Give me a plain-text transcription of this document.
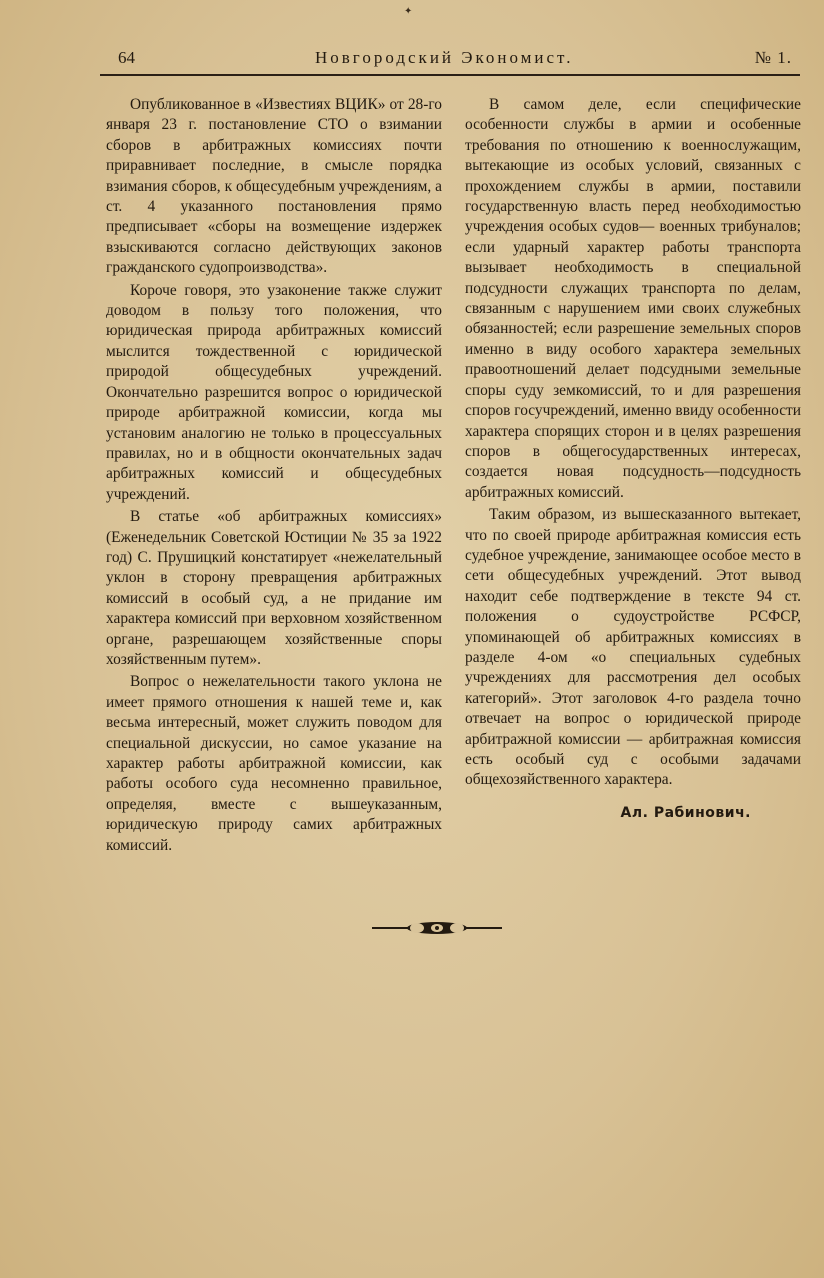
✦
64	Новгородский Экономист.	№ 1.

Опубликованное в «Известиях ВЦИК» от 28-го января 23 г. постановление СТО о взимании сборов в арбитражных комиссиях почти приравнивает последние, в смысле порядка взимания сборов, к общесудебным учреждениям, а ст. 4 указанного постановления прямо предписывает «сборы на возмещение издержек взыскиваются согласно действующих законов гражданского судопроизводства».

Короче говоря, это узаконение также служит доводом в пользу того положения, что юридическая природа арбитражных комиссий мыслится тождественной с юридической природой общесудебных учреждений. Окончательно разрешится вопрос о юридической природе арбитражной комиссии, когда мы установим аналогию не только в процессуальных правилах, но и в общности окончательных задач арбитражных комиссий и общесудебных учреждений.

В статье «об арбитражных комиссиях» (Еженедельник Советской Юстиции № 35 за 1922 год) С. Прушицкий констатирует «нежелательный уклон в сторону превращения арбитражных комиссий в особый суд, а не придание им характера комиссий при верховном хозяйственном органе, разрешающем хозяйственные споры хозяйственным путем».

Вопрос о нежелательности такого уклона не имеет прямого отношения к нашей теме и, как весьма интересный, может служить поводом для специальной дискуссии, но самое указание на характер работы арбитражной комиссии, как работы особого суда несомненно правильное, определяя, вместе с вышеуказанным, юридическую природу самих арбитражных комиссий.

В самом деле, если специфические особенности службы в армии и особенные требования по отношению к военнослужащим, вытекающие из особых условий, связанных с прохождением службы в армии, поставили государственную власть перед необходимостью учреждения особых судов— военных трибуналов; если ударный характер работы транспорта вызывает необходимость в специальной подсудности служащих транспорта по делам, связанным с нарушением ими своих служебных обязанностей; если разрешение земельных споров именно в виду особого характера земельных правоотношений делает подсудными земельные споры суду земкомиссий, то и для разрешения споров госучреждений, именно ввиду особенности характера спорящих сторон и в целях разрешения споров в общегосударственных интересах, создается новая подсудность—подсудность арбитражных комиссий.

Таким образом, из вышесказанного вытекает, что по своей природе арбитражная комиссия есть судебное учреждение, занимающее особое место в сети общесудебных учреждений. Этот вывод находит себе подтверждение в тексте 94 ст. положения о судоустройстве РСФСР, упоминающей об арбитражных комиссиях в разделе 4-ом «о специальных судебных учреждениях для рассмотрения дел особых категорий». Этот заголовок 4-го раздела точно отвечает на вопрос о юридической природе арбитражной комиссии — арбитражная комиссия есть особый суд с особыми задачами общехозяйственного характера.

Ал. Рабинович.
